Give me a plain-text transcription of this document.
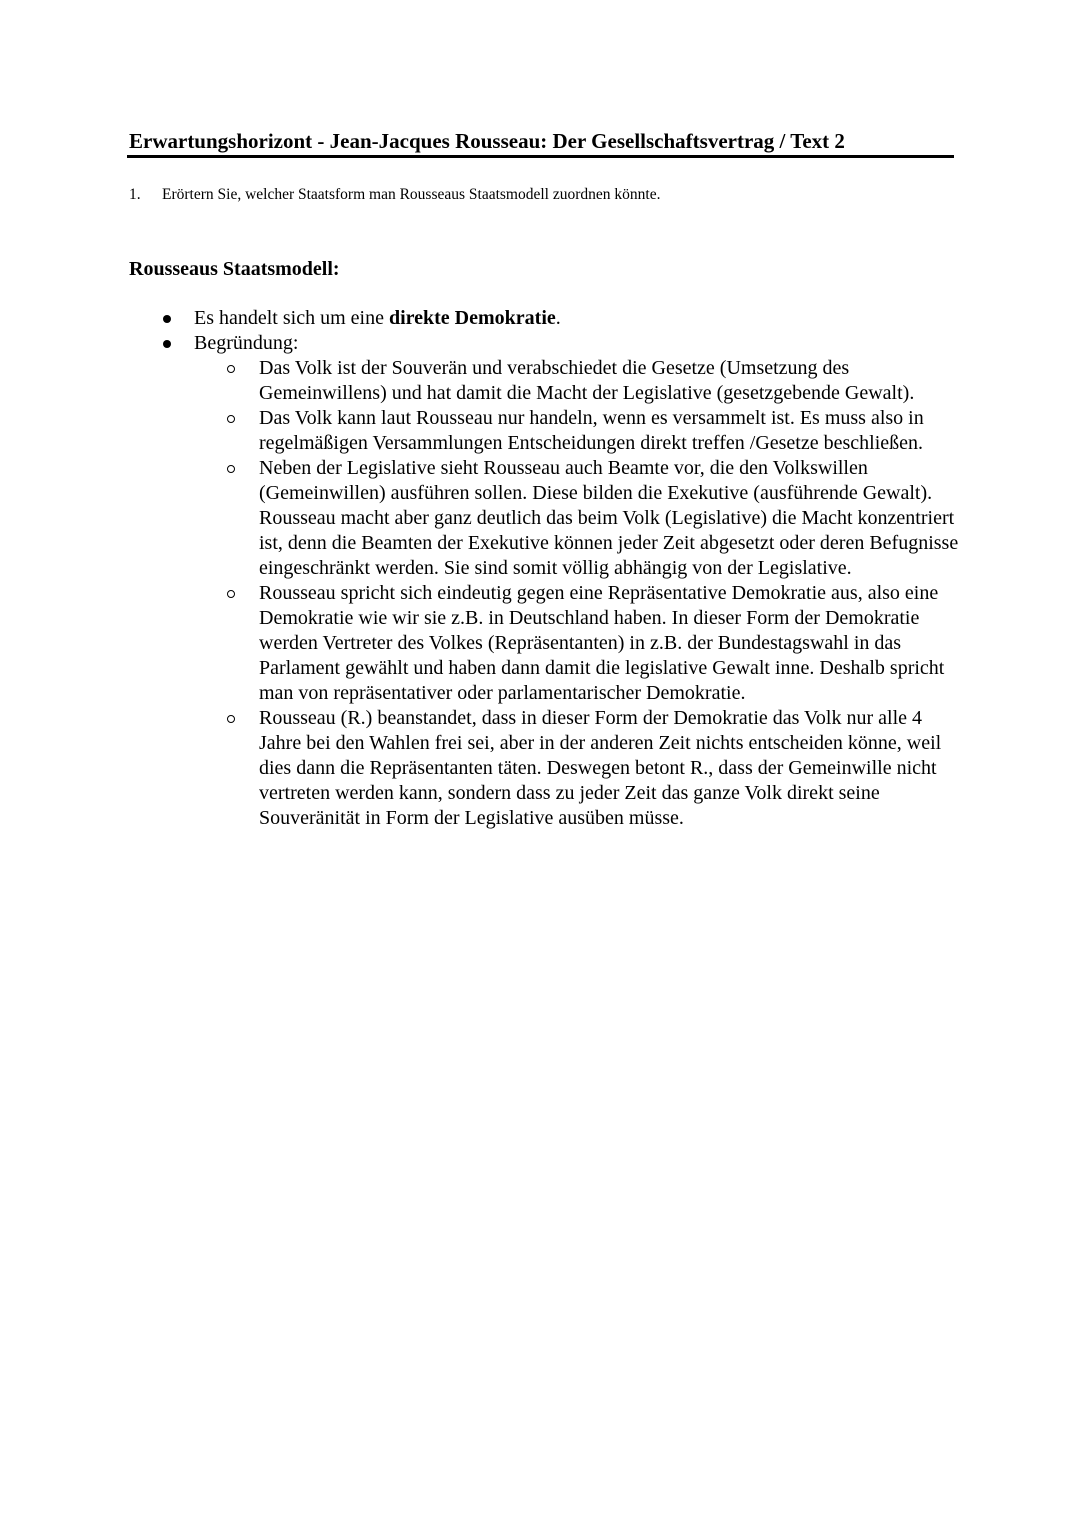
Erwartungshorizont - Jean-Jacques Rousseau: Der Gesellschaftsvertrag / Text 2
1. Erörtern Sie, welcher Staatsform man Rousseaus Staatsmodell zuordnen könnte.
Rousseaus Staatsmodell:
Es handelt sich um eine direkte Demokratie.
Begründung:
Das Volk ist der Souverän und verabschiedet die Gesetze (Umsetzung des Gemeinwillens) und hat damit die Macht der Legislative (gesetzgebende Gewalt).
Das Volk kann laut Rousseau nur handeln, wenn es versammelt ist. Es muss also in regelmäßigen Versammlungen Entscheidungen direkt treffen /Gesetze beschließen.
Neben der Legislative sieht Rousseau auch Beamte vor, die den Volkswillen (Gemeinwillen) ausführen sollen. Diese bilden die Exekutive (ausführende Gewalt). Rousseau macht aber ganz deutlich das beim Volk (Legislative) die Macht konzentriert ist, denn die Beamten der Exekutive können jeder Zeit abgesetzt oder deren Befugnisse eingeschränkt werden. Sie sind somit völlig abhängig von der Legislative.
Rousseau spricht sich eindeutig gegen eine Repräsentative Demokratie aus, also eine Demokratie wie wir sie z.B. in Deutschland haben. In dieser Form der Demokratie werden Vertreter des Volkes (Repräsentanten) in z.B. der Bundestagswahl in das Parlament gewählt und haben dann damit die legislative Gewalt inne. Deshalb spricht man von repräsentativer oder parlamentarischer Demokratie.
Rousseau (R.) beanstandet, dass in dieser Form der Demokratie das Volk nur alle 4 Jahre bei den Wahlen frei sei, aber in der anderen Zeit nichts entscheiden könne, weil dies dann die Repräsentanten täten. Deswegen betont R., dass der Gemeinwille nicht vertreten werden kann, sondern dass zu jeder Zeit das ganze Volk direkt seine Souveränität in Form der Legislative ausüben müsse.
